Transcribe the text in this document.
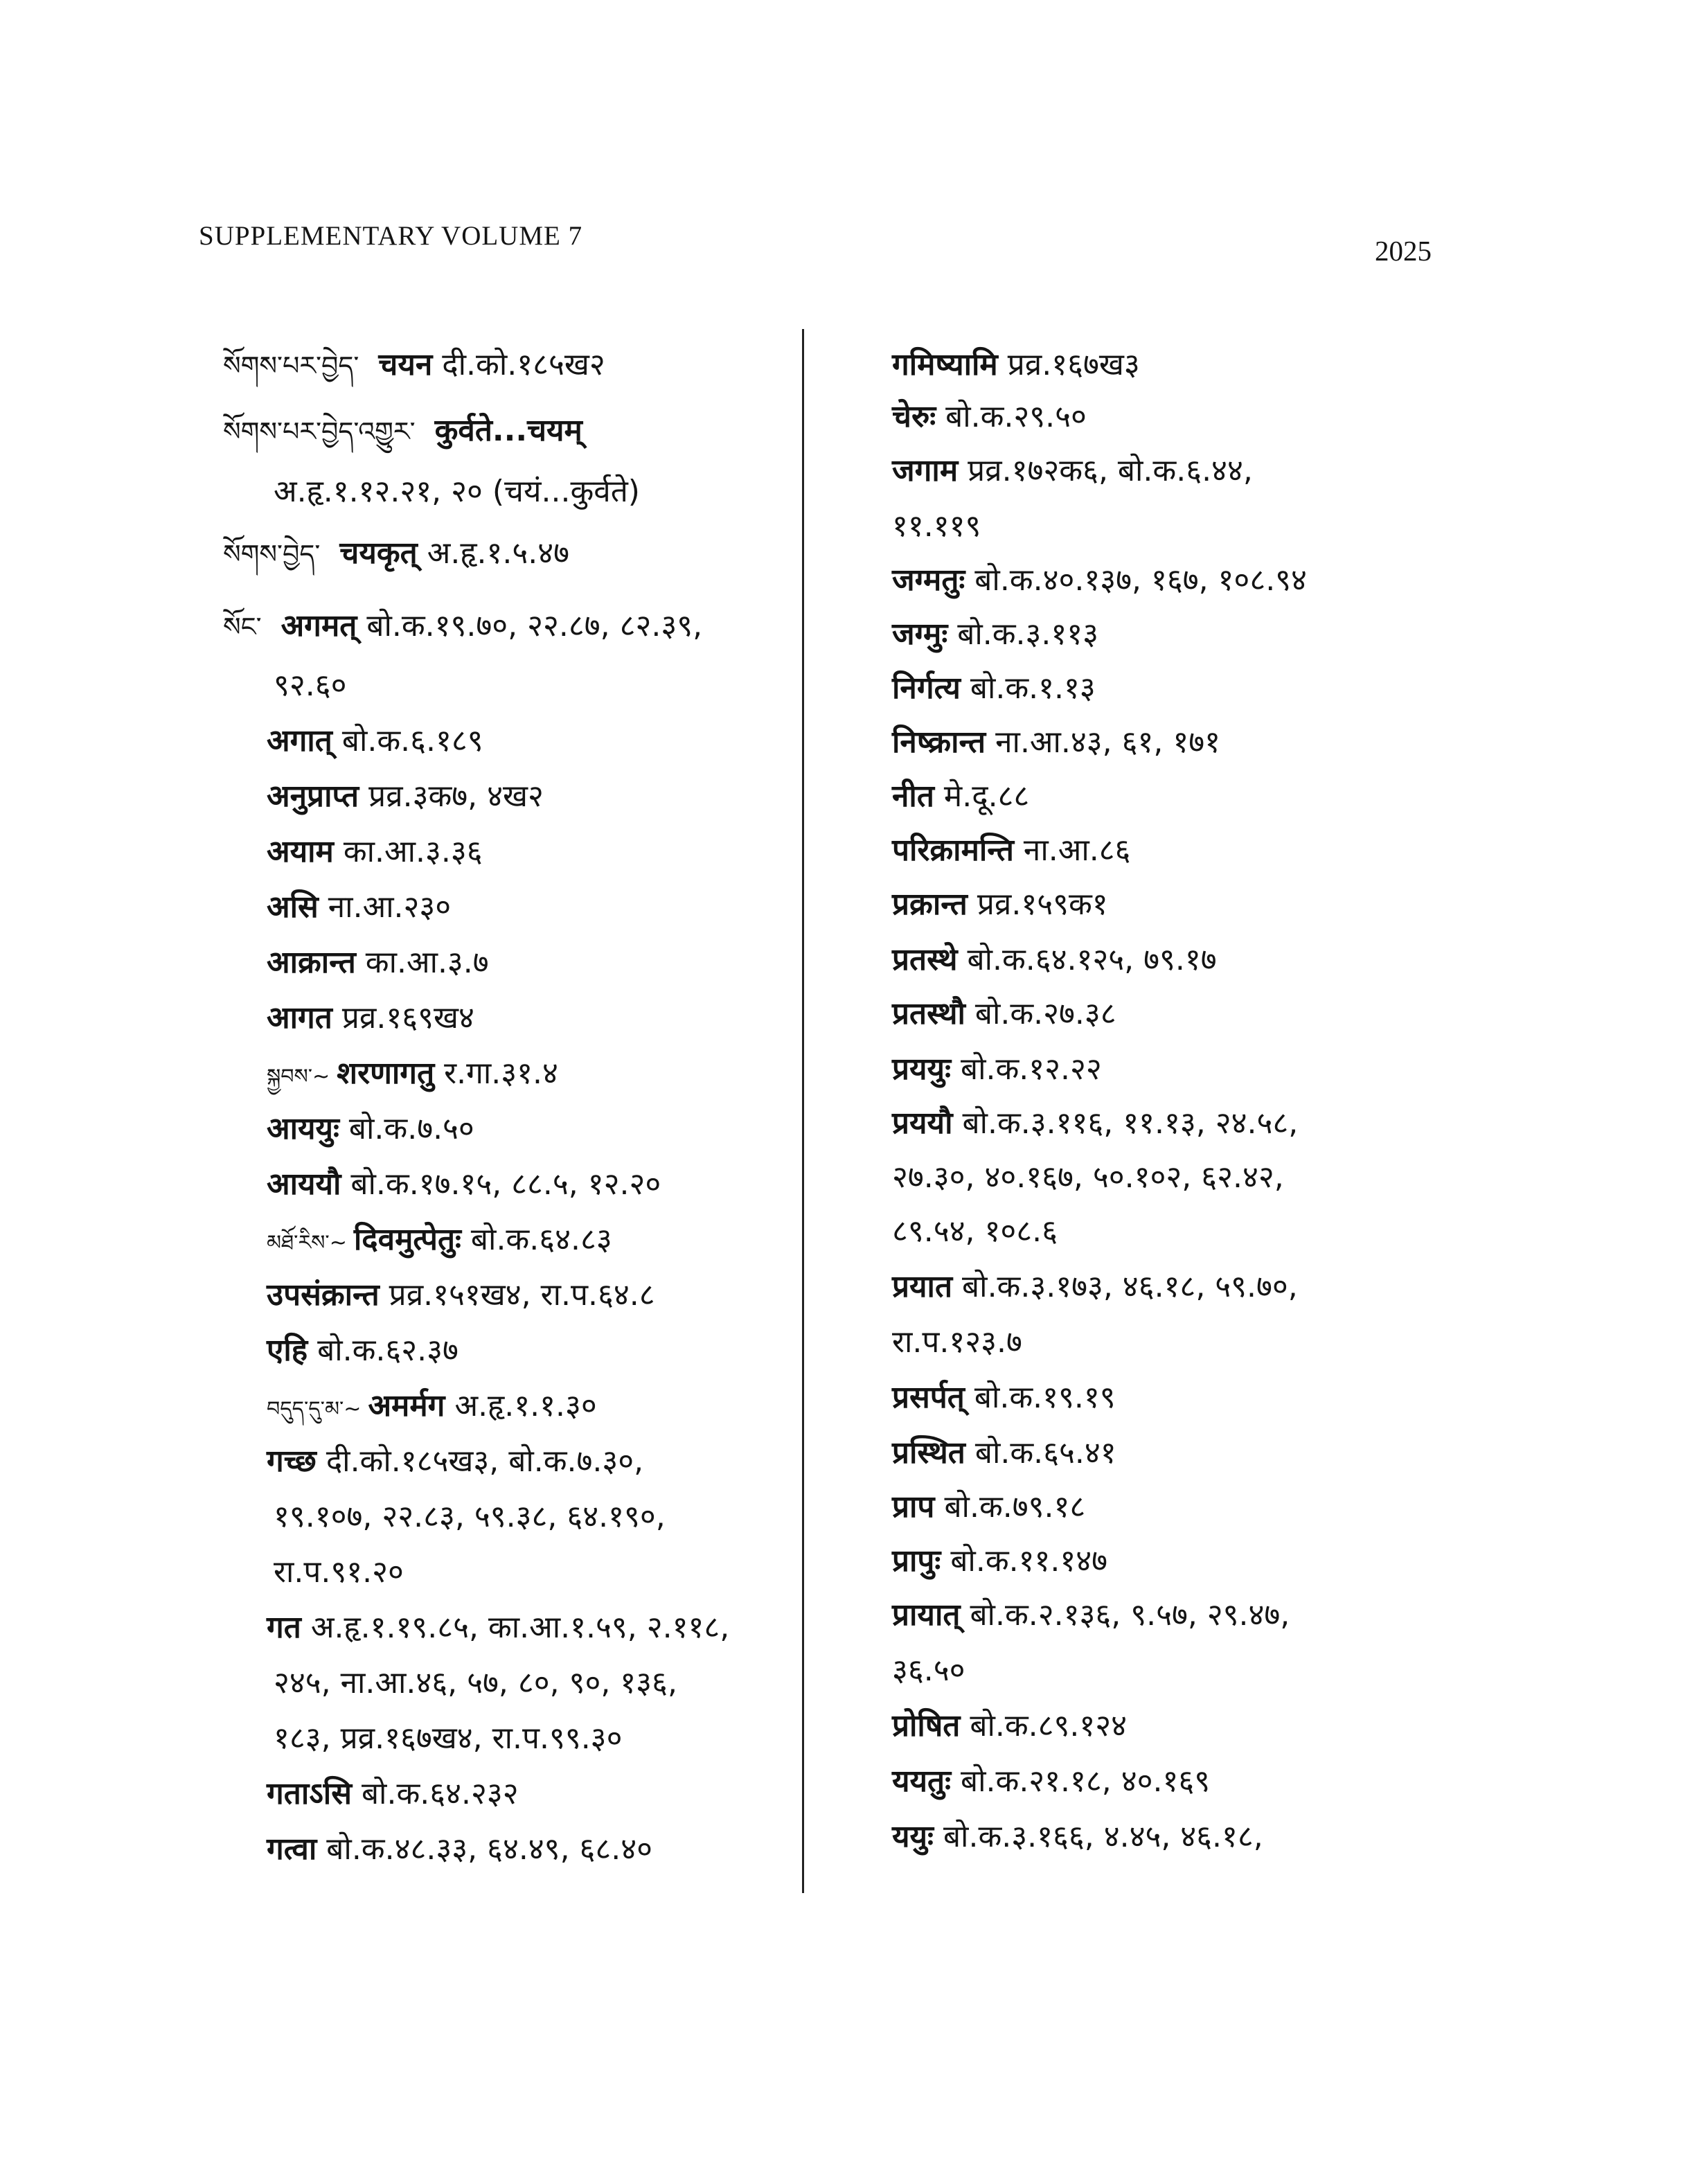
SUPPLEMENTARY VOLUME 7	2025
སོགས་པར་བྱེད་ चयन दी.को.१८५ख२
སོགས་པར་བྱེད་འགྱུར་ कुर्वते...चयम्
अ.हृ.१.१२.२१, २० (चयं...कुर्वते)
སོགས་བྱེད་ चयकृत् अ.हृ.१.५.४७
སོང་ अगमत् बो.क.१९.७०, २२.८७, ८२.३९,
९२.६०
अगात् बो.क.६.१८९
अनुप्राप्त प्रव्र.३क७, ४ख२
अयाम का.आ.३.३६
असि ना.आ.२३०
आक्रान्त का.आ.३.७
आगत प्रव्र.१६९ख४
སྐྱབས་~ शरणागतु र.गा.३१.४
आययुः बो.क.७.५०
आययौ बो.क.१७.१५, ८८.५, १२.२०
མཐོ་རིས་~ दिवमुत्पेतुः बो.क.६४.८३
उपसंक्रान्त प्रव्र.१५१ख४, रा.प.६४.८
एहि बो.क.६२.३७
བདུད་དུ་མ་~ अमर्मग अ.हृ.१.१.३०
गच्छ दी.को.१८५ख३, बो.क.७.३०,
१९.१०७, २२.८३, ५९.३८, ६४.१९०,
रा.प.९१.२०
गत अ.हृ.१.१९.८५, का.आ.१.५९, २.११८,
२४५, ना.आ.४६, ५७, ८०, ९०, १३६,
१८३, प्रव्र.१६७ख४, रा.प.९९.३०
गताऽसि बो.क.६४.२३२
गत्वा बो.क.४८.३३, ६४.४९, ६८.४०
गमिष्यामि प्रव्र.१६७ख३
चेरुः बो.क.२९.५०
जगाम प्रव्र.१७२क६, बो.क.६.४४,
११.११९
जग्मतुः बो.क.४०.१३७, १६७, १०८.९४
जग्मुः बो.क.३.११३
निर्गत्य बो.क.१.१३
निष्क्रान्त ना.आ.४३, ६१, १७१
नीत मे.दू.८८
परिक्रामन्ति ना.आ.८६
प्रक्रान्त प्रव्र.१५९क१
प्रतस्थे बो.क.६४.१२५, ७९.१७
प्रतस्थौ बो.क.२७.३८
प्रययुः बो.क.१२.२२
प्रययौ बो.क.३.११६, ११.१३, २४.५८,
२७.३०, ४०.१६७, ५०.१०२, ६२.४२,
८९.५४, १०८.६
प्रयात बो.क.३.१७३, ४६.१८, ५९.७०,
रा.प.१२३.७
प्रसर्पत् बो.क.१९.१९
प्रस्थित बो.क.६५.४१
प्राप बो.क.७९.१८
प्रापुः बो.क.११.१४७
प्रायात् बो.क.२.१३६, ९.५७, २९.४७,
३६.५०
प्रोषित बो.क.८९.१२४
ययतुः बो.क.२१.१८, ४०.१६९
ययुः बो.क.३.१६६, ४.४५, ४६.१८,
